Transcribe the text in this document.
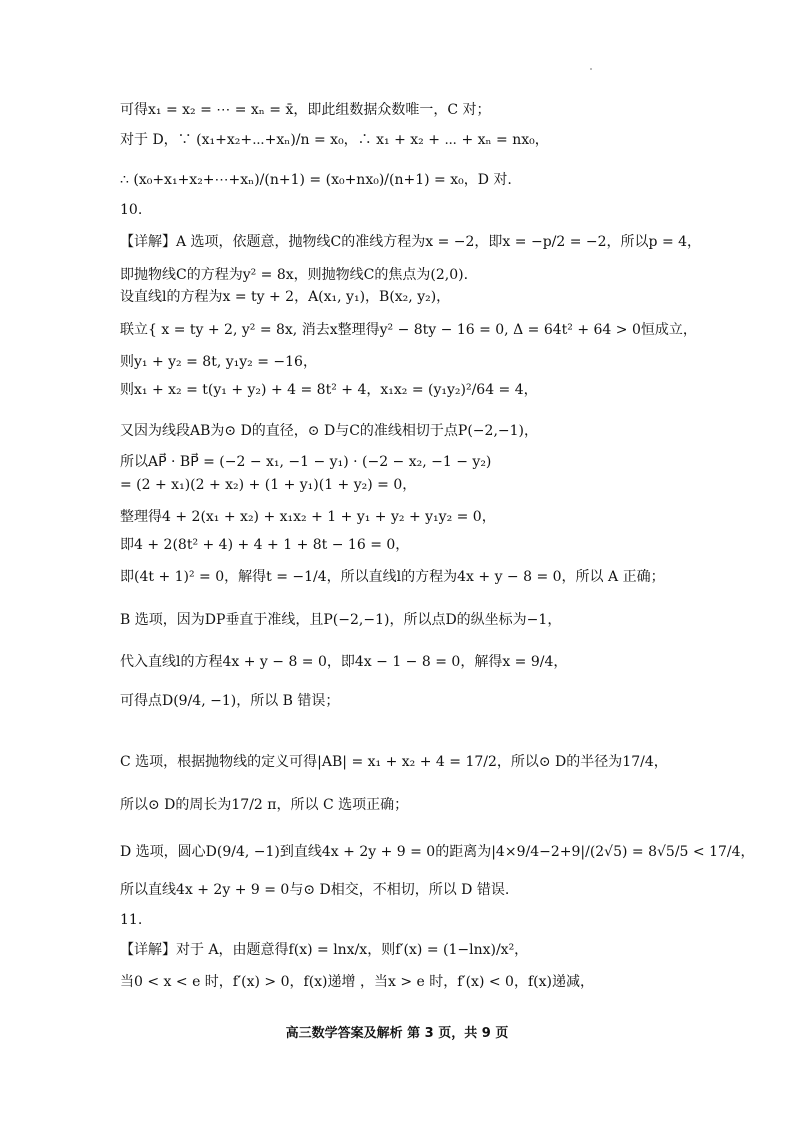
可得x₁ = x₂ = ⋯ = xₙ = x̄，即此组数据众数唯一，C 对；
对于 D，∵ (x₁+x₂+⋯+xₙ)/n = x₀，∴ x₁ + x₂ + ⋯ + xₙ = nx₀，
∴ (x₀+x₁+x₂+⋯+xₙ)/(n+1) = (x₀+nx₀)/(n+1) = x₀，D 对.
10.
【详解】A 选项，依题意，抛物线C的准线方程为x = −2，即x = −p/2 = −2，所以p = 4，
即抛物线C的方程为y² = 8x，则抛物线C的焦点为(2,0).
设直线l的方程为x = ty + 2，A(x₁, y₁)，B(x₂, y₂)，
联立{ x = ty + 2, y² = 8x, 消去x整理得y² − 8ty − 16 = 0, Δ = 64t² + 64 > 0恒成立，
则y₁ + y₂ = 8t, y₁y₂ = −16，
则x₁ + x₂ = t(y₁ + y₂) + 4 = 8t² + 4，x₁x₂ = (y₁y₂)²/64 = 4，
又因为线段AB为⊙ D的直径，⊙ D与C的准线相切于点P(−2,−1)，
所以AP⃗ · BP⃗ = (−2 − x₁, −1 − y₁) · (−2 − x₂, −1 − y₂)
= (2 + x₁)(2 + x₂) + (1 + y₁)(1 + y₂) = 0，
整理得4 + 2(x₁ + x₂) + x₁x₂ + 1 + y₁ + y₂ + y₁y₂ = 0，
即4 + 2(8t² + 4) + 4 + 1 + 8t − 16 = 0，
即(4t + 1)² = 0，解得t = −1/4，所以直线l的方程为4x + y − 8 = 0，所以 A 正确；
B 选项，因为DP垂直于准线，且P(−2,−1)，所以点D的纵坐标为−1，
代入直线l的方程4x + y − 8 = 0，即4x − 1 − 8 = 0，解得x = 9/4，
可得点D(9/4, −1)，所以 B 错误；
C 选项，根据抛物线的定义可得|AB| = x₁ + x₂ + 4 = 17/2，所以⊙ D的半径为17/4，
所以⊙ D的周长为17/2 π，所以 C 选项正确；
D 选项，圆心D(9/4, −1)到直线4x + 2y + 9 = 0的距离为|4×9/4−2+9|/(2√5) = 8√5/5 < 17/4，
所以直线4x + 2y + 9 = 0与⊙ D相交，不相切，所以 D 错误.
11.
【详解】对于 A，由题意得f(x) = lnx/x，则f′(x) = (1−lnx)/x²，
当0 < x < e 时，f′(x) > 0，f(x)递增 ，当x > e 时，f′(x) < 0，f(x)递减，
高三数学答案及解析 第 3 页，共 9 页
